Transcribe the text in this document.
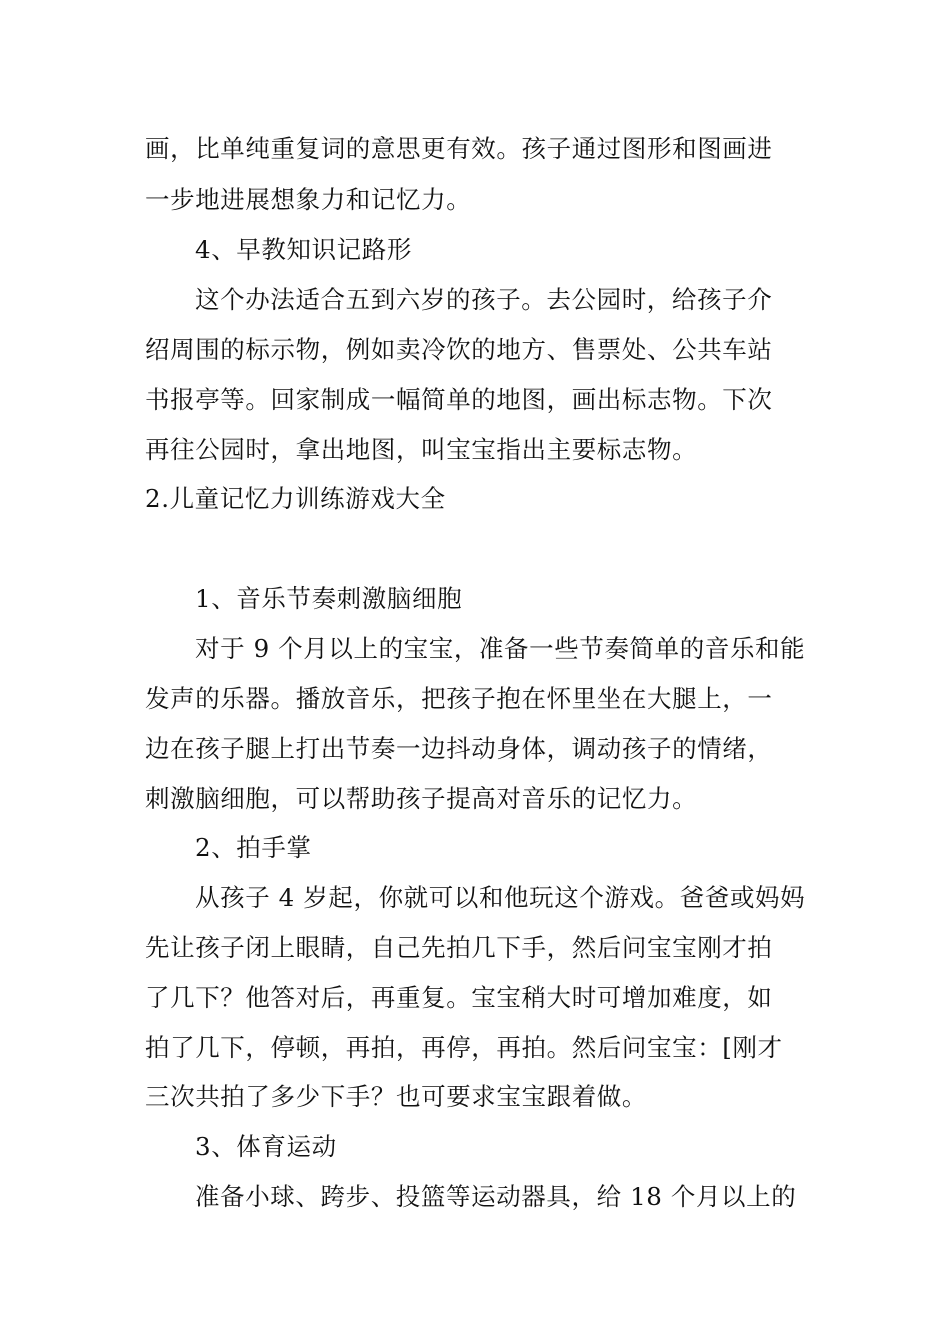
画，比单纯重复词的意思更有效。孩子通过图形和图画进
一步地进展想象力和记忆力。
4、早教知识记路形
这个办法适合五到六岁的孩子。去公园时，给孩子介
绍周围的标示物，例如卖冷饮的地方、售票处、公共车站
书报亭等。回家制成一幅简单的地图，画出标志物。下次
再往公园时，拿出地图，叫宝宝指出主要标志物。
2.儿童记忆力训练游戏大全
1、音乐节奏刺激脑细胞
对于 9 个月以上的宝宝，准备一些节奏简单的音乐和能
发声的乐器。播放音乐，把孩子抱在怀里坐在大腿上，一
边在孩子腿上打出节奏一边抖动身体，调动孩子的情绪，
刺激脑细胞，可以帮助孩子提高对音乐的记忆力。
2、拍手掌
从孩子 4 岁起，你就可以和他玩这个游戏。爸爸或妈妈
先让孩子闭上眼睛，自己先拍几下手，然后问宝宝刚才拍
了几下？他答对后，再重复。宝宝稍大时可增加难度，如
拍了几下，停顿，再拍，再停，再拍。然后问宝宝：[刚才
三次共拍了多少下手？也可要求宝宝跟着做。
3、体育运动
准备小球、跨步、投篮等运动器具，给 18 个月以上的
